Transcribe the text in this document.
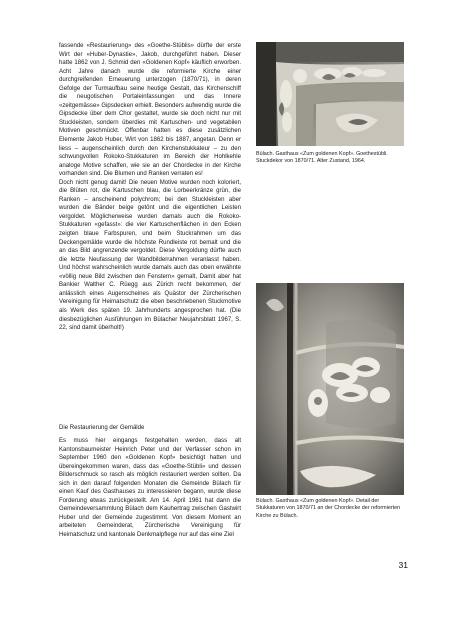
fassende «Restaurierung» des «Goethe-Stüblis» dürfte der erste Wirt der «Huber-Dynastie», Jakob, durchgeführt haben. Dieser hatte 1862 von J. Schmid den «Goldenen Kopf» käuflich erworben. Acht Jahre danach wurde die reformierte Kirche einer durchgreifenden Erneuerung unterzogen (1870/71), in deren Gefolge der Turmaufbau seine heutige Gestalt, das Kirchenschiff die neugotischen Portaleinfassungen und das Innere «zeitgemässe» Gipsdecken erhielt. Besonders aufwendig wurde die Gipsdecke über dem Chor gestaltet, wurde sie doch nicht nur mit Stuckleisten, sondern überdies mit Kartuschen- und vegetabilen Motiven geschmückt. Offenbar hatten es diese zusätzlichen Elemente Jakob Huber, Wirt von 1862 bis 1887, angetan. Denn er liess – augenscheinlich durch den Kirchenstukkateur – zu den schwungvollen Rokoko-Stukkaturen im Bereich der Hohlkehle analoge Motive schaffen, wie sie an der Chordecke in der Kirche vorhanden sind. Die Blumen und Ranken verraten es!

Doch nicht genug damit! Die neuen Motive wurden noch koloriert, die Blüten rot, die Kartuschen blau, die Lorbeerkränze grün, die Ranken – anscheinend polychrom; bei den Stuckleisten aber wurden die Bänder beige getönt und die eigentlichen Leisten vergoldet. Möglicherweise wurden damals auch die Rokoko-Stukkaturen «gefasst»: die vier Kartuschenflächen in den Ecken zeigten blaue Farbspuren, und beim Stuckrahmen um das Deckengemälde wurde die höchste Rundleiste rot bemalt und die an das Bild angrenzende vergoldet. Diese Vergoldung dürfte auch die letzte Neufassung der Wandbilderrahmen veranlasst haben. Und höchst wahrscheinlich wurde damals auch das oben erwähnte «völlig neue Bild zwischen den Fenstern» gemalt, Damit aber hat Bankier Walther C. Rüegg aus Zürich recht bekommen, der anlässlich eines Augenscheines als Quästor der Zürcherischen Vereinigung für Heimatschutz die eben beschriebenen Stuckmotive als Werk des späten 19. Jahrhunderts angesprochen hat. (Die diesbezüglichen Ausführungen im Bülacher Neujahrsblatt 1967, S. 22, sind damit überholt!)

Die Restaurierung der Gemälde

Es muss hier eingangs festgehalten werden, dass alt Kantonsbaumeister Heinrich Peter und der Verfasser schon im September 1960 den «Goldenen Kopf» besichtigt hatten und übereingekommen waren, dass das «Goethe-Stübli» und dessen Bilderschmuck so rasch als möglich restauriert werden sollten. Da sich in den darauf folgenden Monaten die Gemeinde Bülach für einen Kauf des Gasthauses zu interessieren begann, wurde diese Forderung etwas zurückgestellt. Am 14. April 1961 hat dann die Gemeindeversammlung Bülach dem Kauhertrag zwischen Gastwirt Huber und der Gemeinde zugestimmt. Von diesem Moment an arbeiteten Gemeinderat, Zürcherische Vereinigung für Heimatschutz und kantonale Denkmalpflege nur auf das eine Ziel

Bülach. Gasthaus «Zum goldenen Kopf». Goethestübli. Stuckdekor von 1870/71. Alter Zustand, 1964.
Bülach. Gasthaus «Zum goldenen Kopf». Detail der Stukkaturen von 1870/71 an der Chordecke der reformierten Kirche zu Bülach.
31
